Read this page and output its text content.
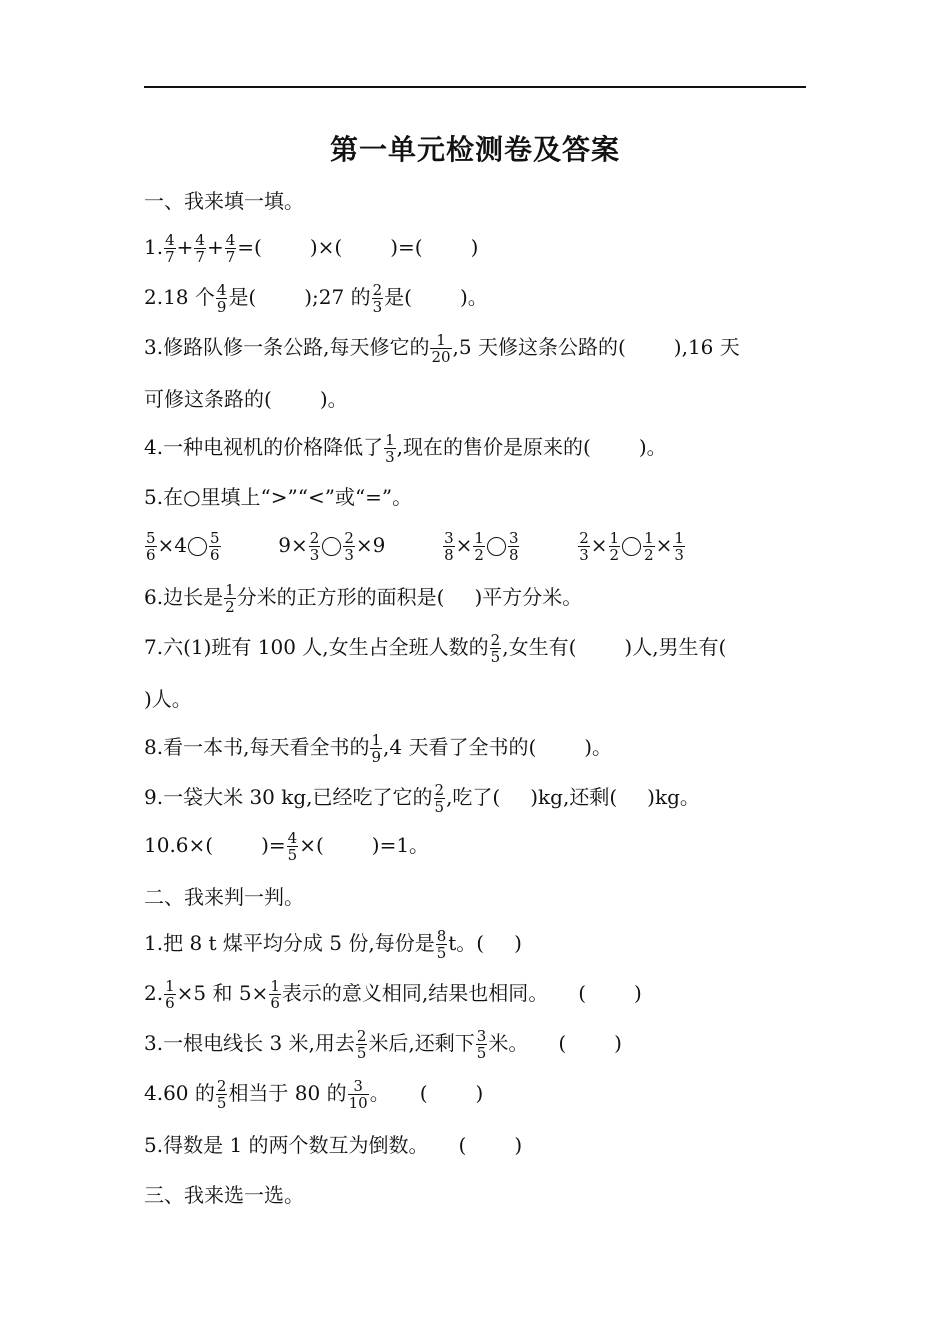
第一单元检测卷及答案
一、我来填一填。
1. $\frac{4}{7} + \frac{4}{7} + \frac{4}{7}$ =( )×( )=( )
2.18 个 $\frac{4}{9}$ 是( );27 的 $\frac{2}{3}$ 是( )。
3.修路队修一条公路,每天修它的 $\frac{1}{20} ,5$ 天修这条公路的( ),16 天
可修这条路的( )。
4.一种电视机的价格降低了 $\frac{1}{3}$ ,现在的售价是原来的( )。
5.在○里填上“>”“<”或“=”。
$\frac{5}{6} \times 4 \frac{5}{6}$	$9\times \frac{2}{3} \frac{2}{3} \times 9$	$\frac{3}{8} \times \frac{1}{2} \frac{3}{8}$
	$\frac{2}{3} \times \frac{1}{2} \frac{1}{2} \times \frac{1}{3}$
6.边长是 $\frac{1}{2}$ 分米的正方形的面积是( )平方分米。
7.六(1)班有 100 人,女生占全班人数的 $\frac{2}{5}$ ,女生有( )人,男生有(
)人。
8.看一本书,每天看全书的 $\frac{1}{9} ,4$ 天看了全书的( )。
9.一袋大米 30 kg,已经吃了它的 $\frac{2}{5}$ ,吃了( )kg,还剩( )kg。
10.6×( )= $\frac{4}{5}$ ×( )=1。
二、我来判一判。
1.把 8 t 煤平均分成 5 份,每份是 $\frac{8}{5}$ t。( )
2. $\frac{1}{6} \times 5$ 和 $5\times \frac{1}{6}$ 表示的意义相同,结果也相同。 ( )
3.一根电线长 3 米,用去 $\frac{2}{5}$ 米后,还剩下 $\frac{3}{5}$ 米。 ( )
4.60 的 $\frac{2}{5}$ 相当于 80 的 $\frac{3}{10}$ 。 ( )
5.得数是 1 的两个数互为倒数。 ( )
三、我来选一选。
